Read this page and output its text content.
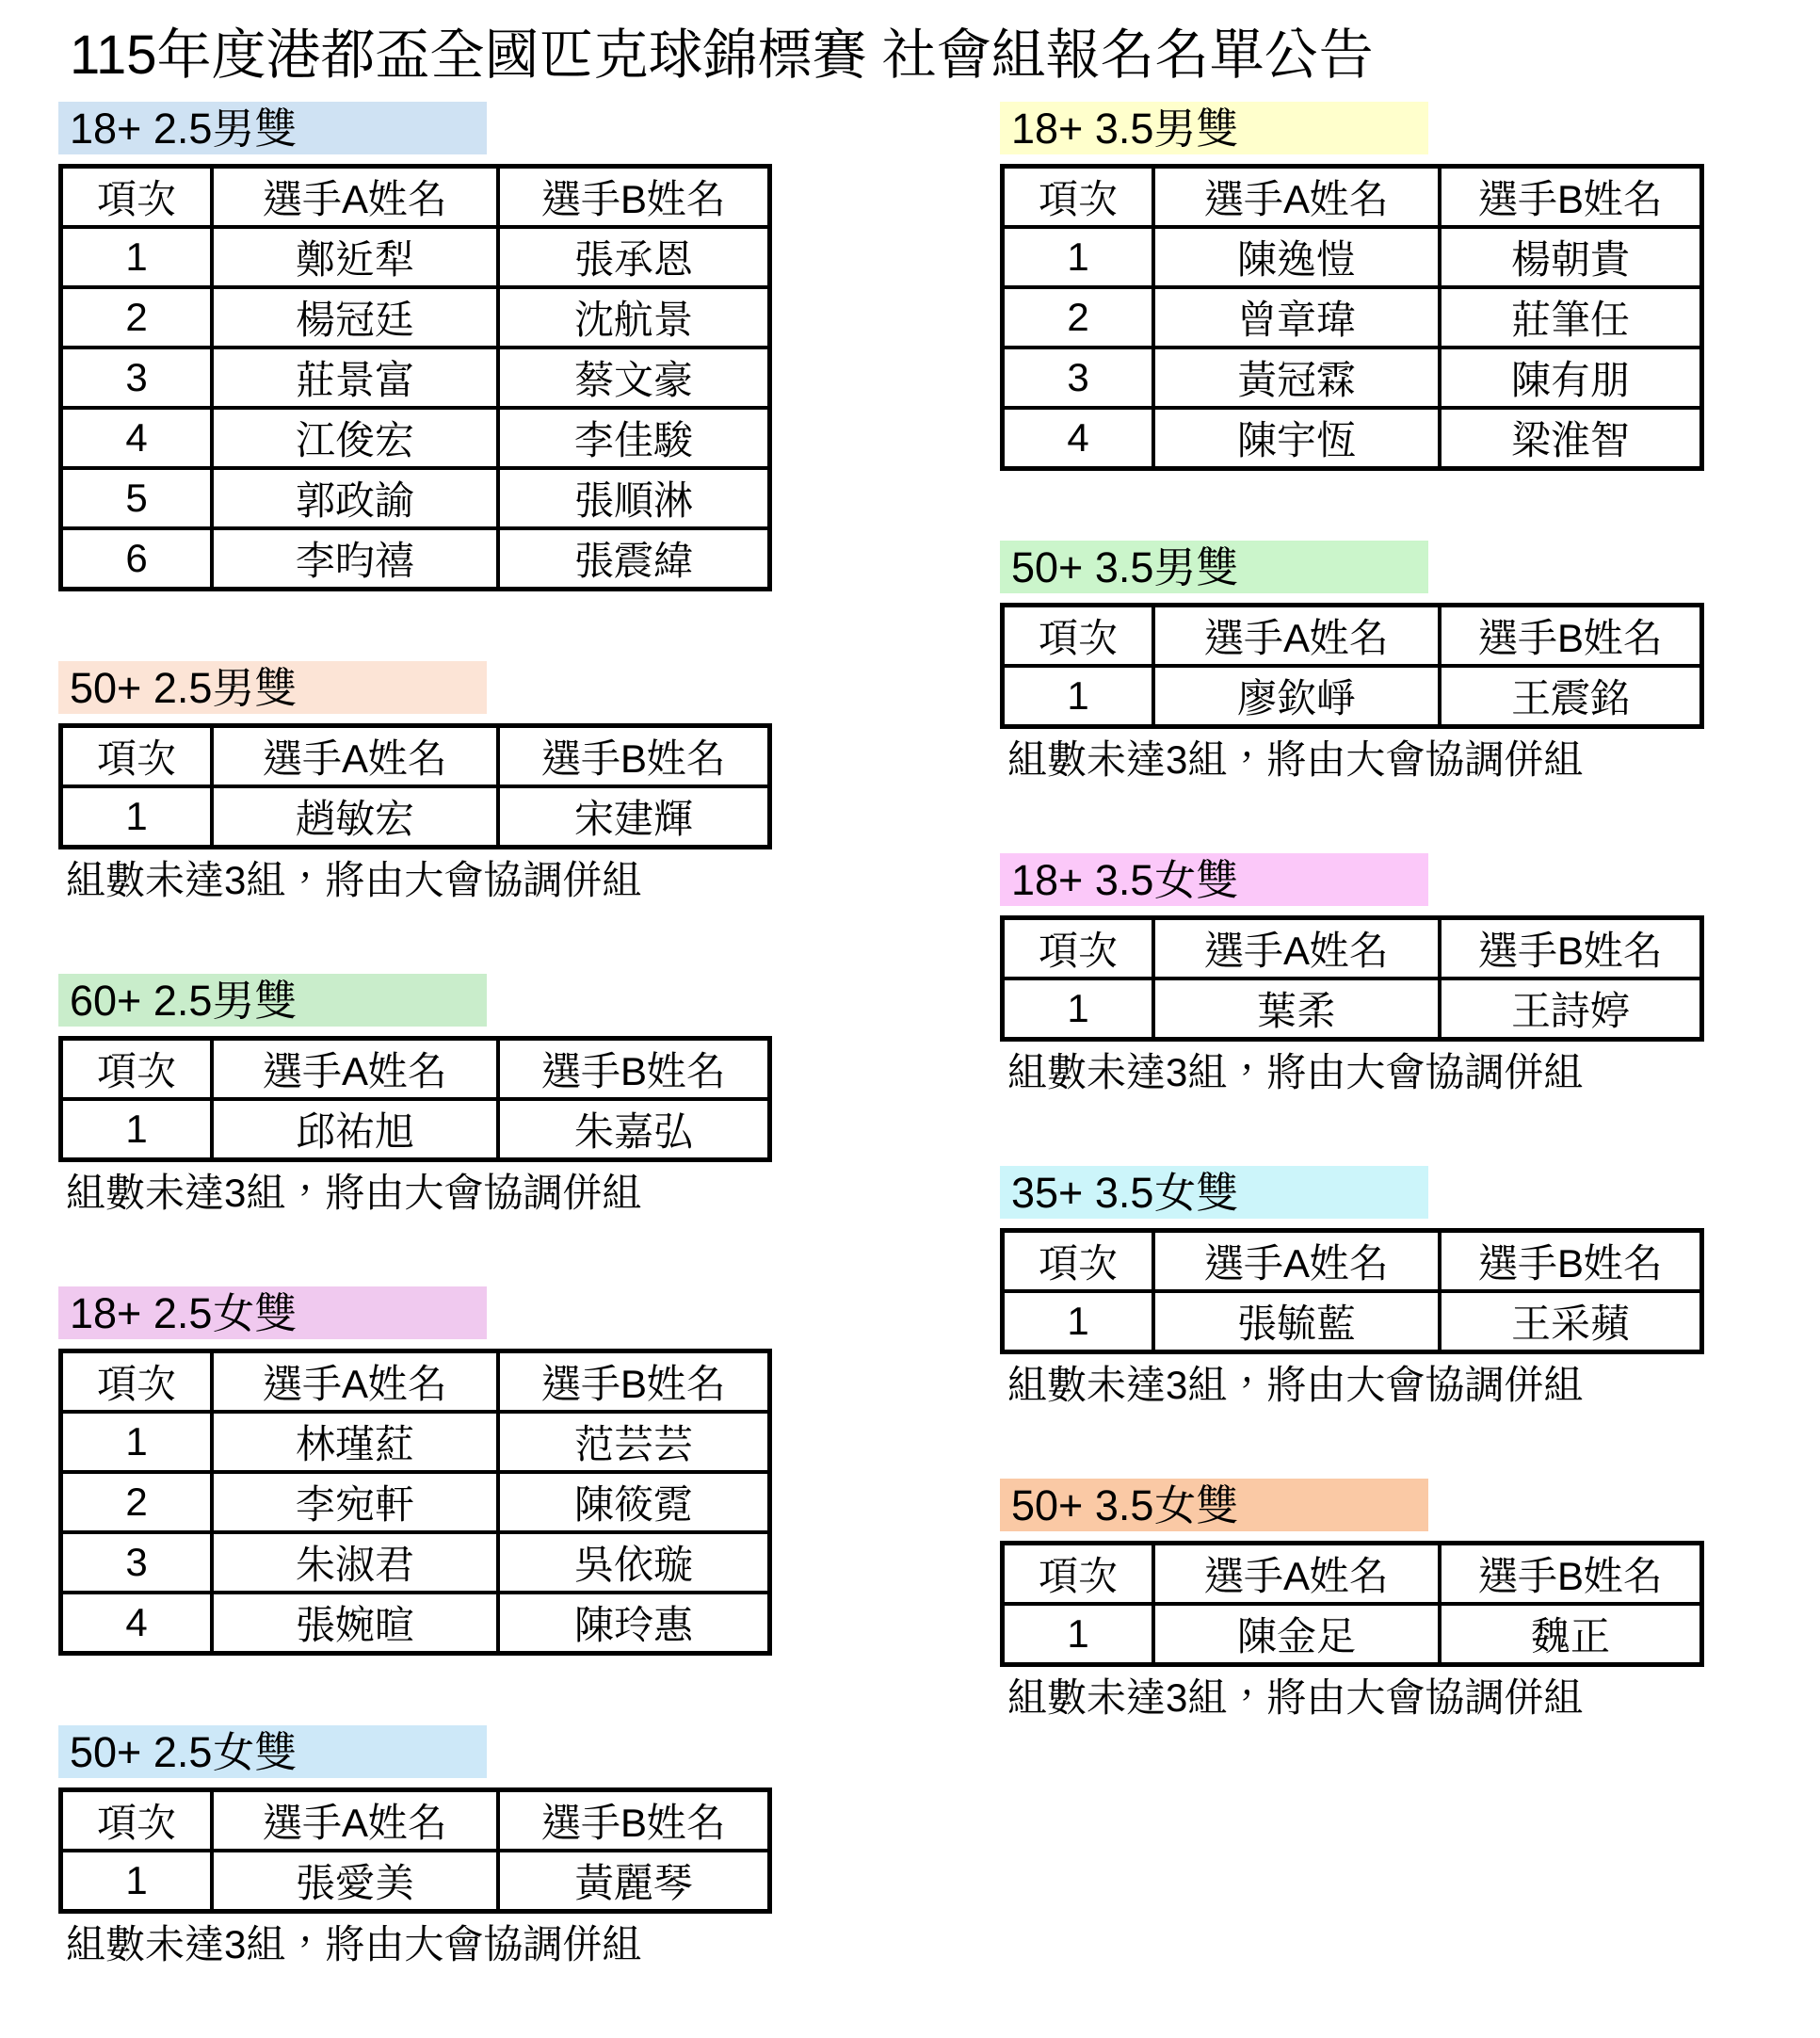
115年度港都盃全國匹克球錦標賽 社會組報名名單公告
18+ 2.5男雙
項次	選手A姓名	選手B姓名
1	鄭近犁	張承恩
2	楊冠廷	沈航景
3	莊景富	蔡文豪
4	江俊宏	李佳駿
5	郭政諭	張順淋
6	李昀禧	張震緯
50+ 2.5男雙
項次	選手A姓名	選手B姓名
1	趙敏宏	宋建輝
組數未達3組，將由大會協調併組
60+ 2.5男雙
項次	選手A姓名	選手B姓名
1	邱祐旭	朱嘉弘
組數未達3組，將由大會協調併組
18+ 2.5女雙
項次	選手A姓名	選手B姓名
1	林瑾葒	范芸芸
2	李宛軒	陳筱霓
3	朱淑君	吳依璇
4	張婉暄	陳玲惠
50+ 2.5女雙
項次	選手A姓名	選手B姓名
1	張愛美	黃麗琴
組數未達3組，將由大會協調併組
18+ 3.5男雙
項次	選手A姓名	選手B姓名
1	陳逸愷	楊朝貴
2	曾章瑋	莊筆任
3	黃冠霖	陳有朋
4	陳宇恆	梁淮智
50+ 3.5男雙
項次	選手A姓名	選手B姓名
1	廖欽崢	王震銘
組數未達3組，將由大會協調併組
18+ 3.5女雙
項次	選手A姓名	選手B姓名
1	葉柔	王詩婷
組數未達3組，將由大會協調併組
35+ 3.5女雙
項次	選手A姓名	選手B姓名
1	張毓藍	王采蘋
組數未達3組，將由大會協調併組
50+ 3.5女雙
項次	選手A姓名	選手B姓名
1	陳金足	魏正
組數未達3組，將由大會協調併組
